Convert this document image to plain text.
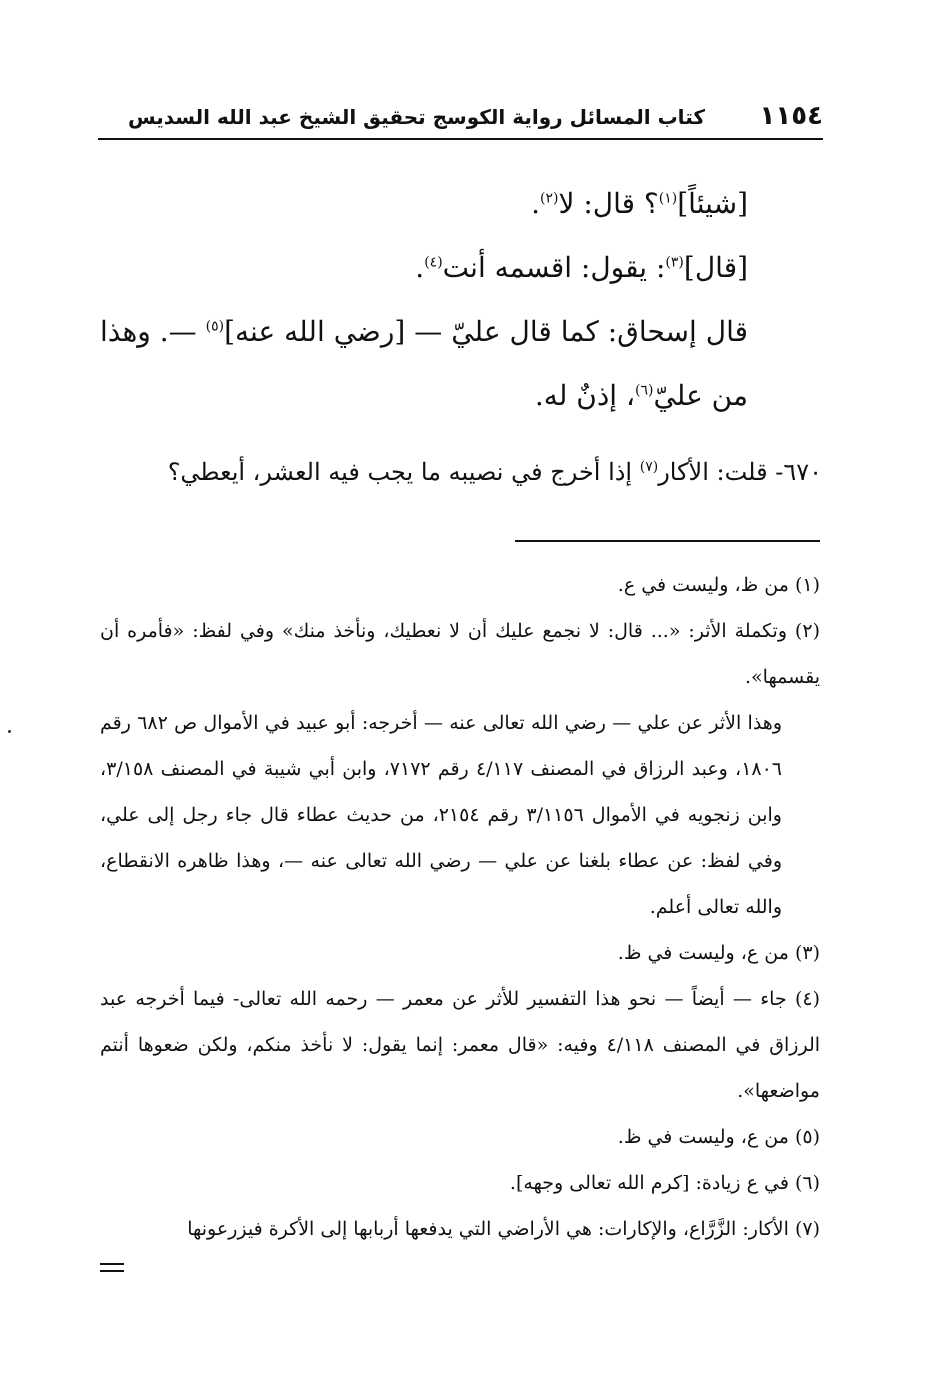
١١٥٤
كتاب المسائل رواية الكوسج تحقيق الشيخ عبد الله السديس

[شيئاً]$^{(١)}$؟ قال: لا$^{(٢)}$.

[قال]$^{(٣)}$: يقول: اقسمه أنت$^{(٤)}$.

قال إسحاق: كما قال عليّ — [رضي الله عنه]$^{(٥)}$ —. وهذا من عليّ$^{(٦)}$، إذنٌ له.

٦٧٠- قلت: الأكار$^{(٧)}$ إذا أخرج في نصيبه ما يجب فيه العشر، أيعطي؟

(١) من ظ، وليست في ع.

(٢) وتكملة الأثر: «... قال: لا نجمع عليك أن لا نعطيك، ونأخذ منك» وفي لفظ: «فأمره أن يقسمها».

وهذا الأثر عن علي — رضي الله تعالى عنه — أخرجه: أبو عبيد في الأموال ص ٦٨٢ رقم ١٨٠٦، وعبد الرزاق في المصنف ٤/١١٧ رقم ٧١٧٢، وابن أبي شيبة في المصنف ٣/١٥٨، وابن زنجويه في الأموال ٣/١١٥٦ رقم ٢١٥٤، من حديث عطاء قال جاء رجل إلى علي، وفي لفظ: عن عطاء بلغنا عن علي — رضي الله تعالى عنه —، وهذا ظاهره الانقطاع، والله تعالى أعلم.

(٣) من ع، وليست في ظ.

(٤) جاء — أيضاً — نحو هذا التفسير للأثر عن معمر — رحمه الله تعالى- فيما أخرجه عبد الرزاق في المصنف ٤/١١٨ وفيه: «قال معمر: إنما يقول: لا نأخذ منكم، ولكن ضعوها أنتم مواضعها».

(٥) من ع، وليست في ظ.

(٦) في ع زيادة: [كرم الله تعالى وجهه].

(٧) الأكار: الزَّرَّاع، والإكارات: هي الأراضي التي يدفعها أربابها إلى الأكرة فيزرعونها
